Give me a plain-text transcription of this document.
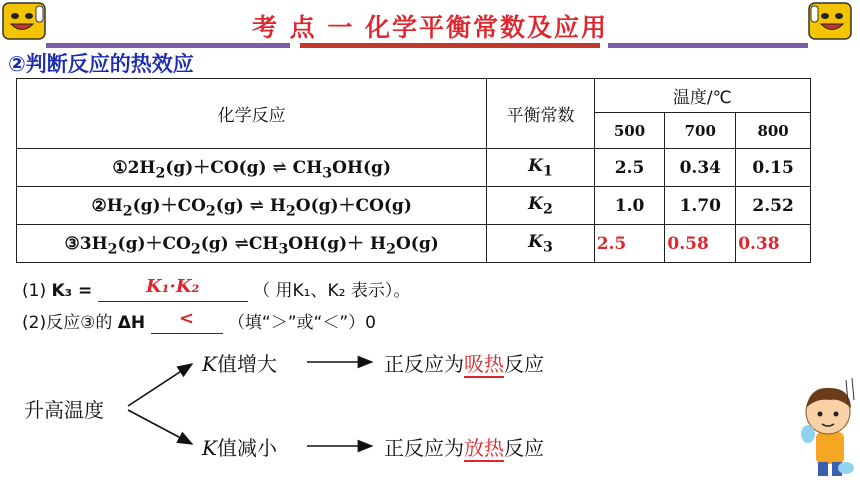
考 点 一 化学平衡常数及应用
②判断反应的热效应
化学反应	平衡常数	温度/℃		
		500	700	800
$①2H_2(g)+CO(g)$ ⇌ $CH_3OH(g)$	$K_1$	2.5	0.34	0.15
$②H_2(g)+CO_2(g)$ ⇌ $H_2O(g)+CO(g)$	$K_2$	1.0	1.70	2.52
$③3H_2(g)+CO_2(g)$ $\rightleftharpoons CH_3OH(g)+ H_2O(g)$	$K_3$	2.5	0.58	0.38
(1) K₃ =	K₁·K₂	（ 用K₁、K₂ 表示）。
(2)反应③的 ΔH < （填“＞”或“＜”）0
升高温度
K值增大
K值减小
正反应为吸热反应
正反应为放热反应
